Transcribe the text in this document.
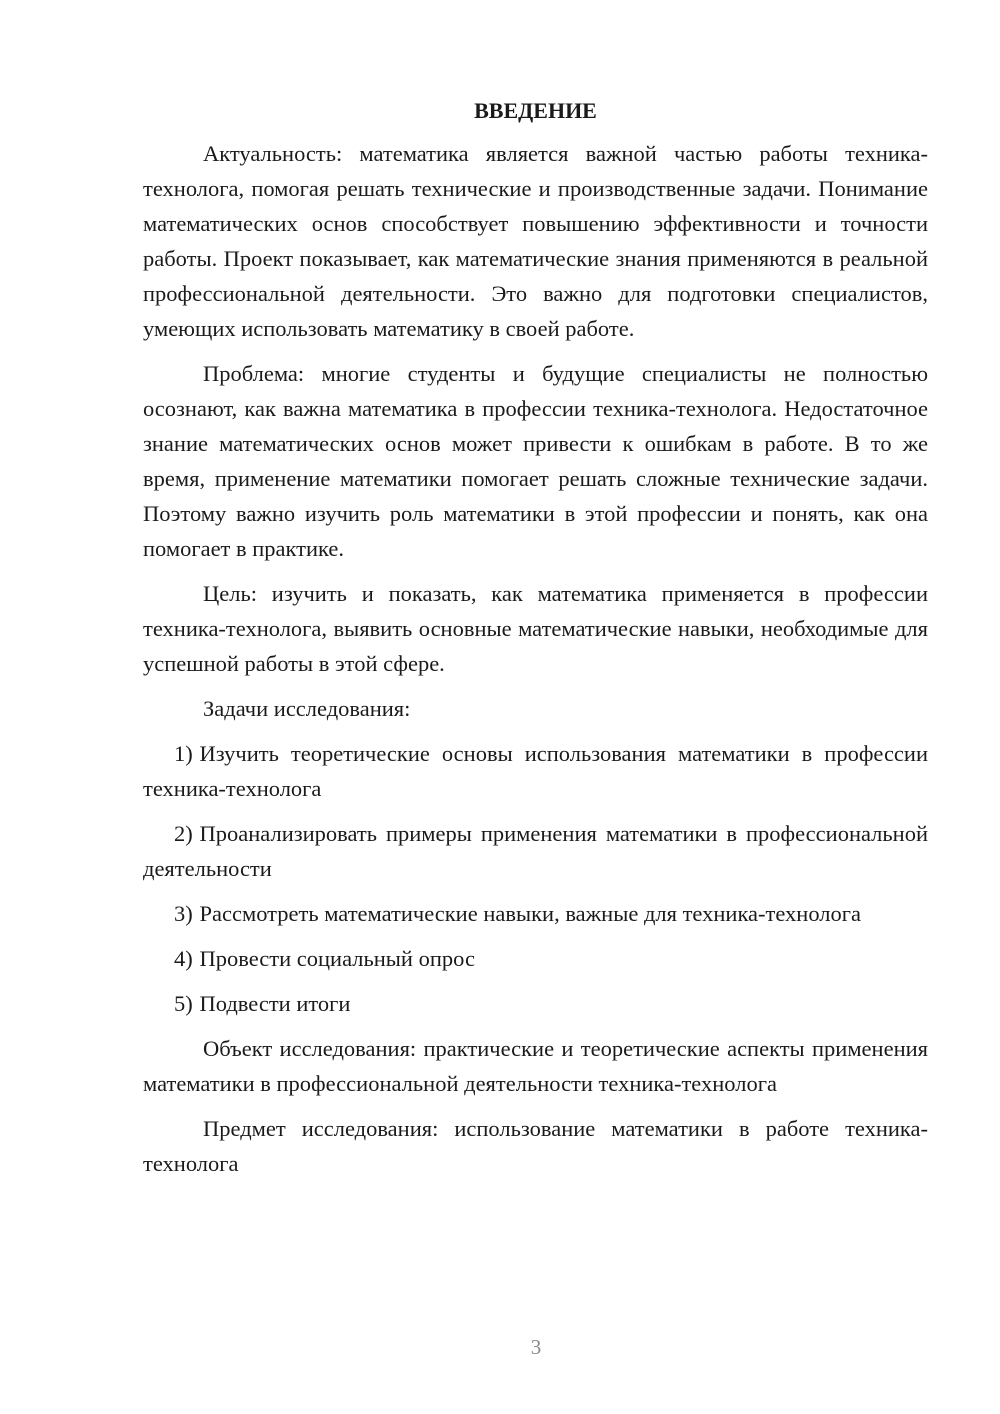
ВВЕДЕНИЕ

Актуальность: математика является важной частью работы техника-технолога, помогая решать технические и производственные задачи. Понимание математических основ способствует повышению эффективности и точности работы. Проект показывает, как математические знания применяются в реальной профессиональной деятельности. Это важно для подготовки специалистов, умеющих использовать математику в своей работе.

Проблема: многие студенты и будущие специалисты не полностью осознают, как важна математика в профессии техника-технолога. Недостаточное знание математических основ может привести к ошибкам в работе. В то же время, применение математики помогает решать сложные технические задачи. Поэтому важно изучить роль математики в этой профессии и понять, как она помогает в практике.

Цель: изучить и показать, как математика применяется в профессии техника-технолога, выявить основные математические навыки, необходимые для успешной работы в этой сфере.

Задачи исследования:

1) Изучить теоретические основы использования математики в профессии техника-технолога

2) Проанализировать примеры применения математики в профессиональной деятельности

3) Рассмотреть математические навыки, важные для техника-технолога

4) Провести социальный опрос

5) Подвести итоги

Объект исследования: практические и теоретические аспекты применения математики в профессиональной деятельности техника-технолога

Предмет исследования: использование математики в работе техника-технолога

3
